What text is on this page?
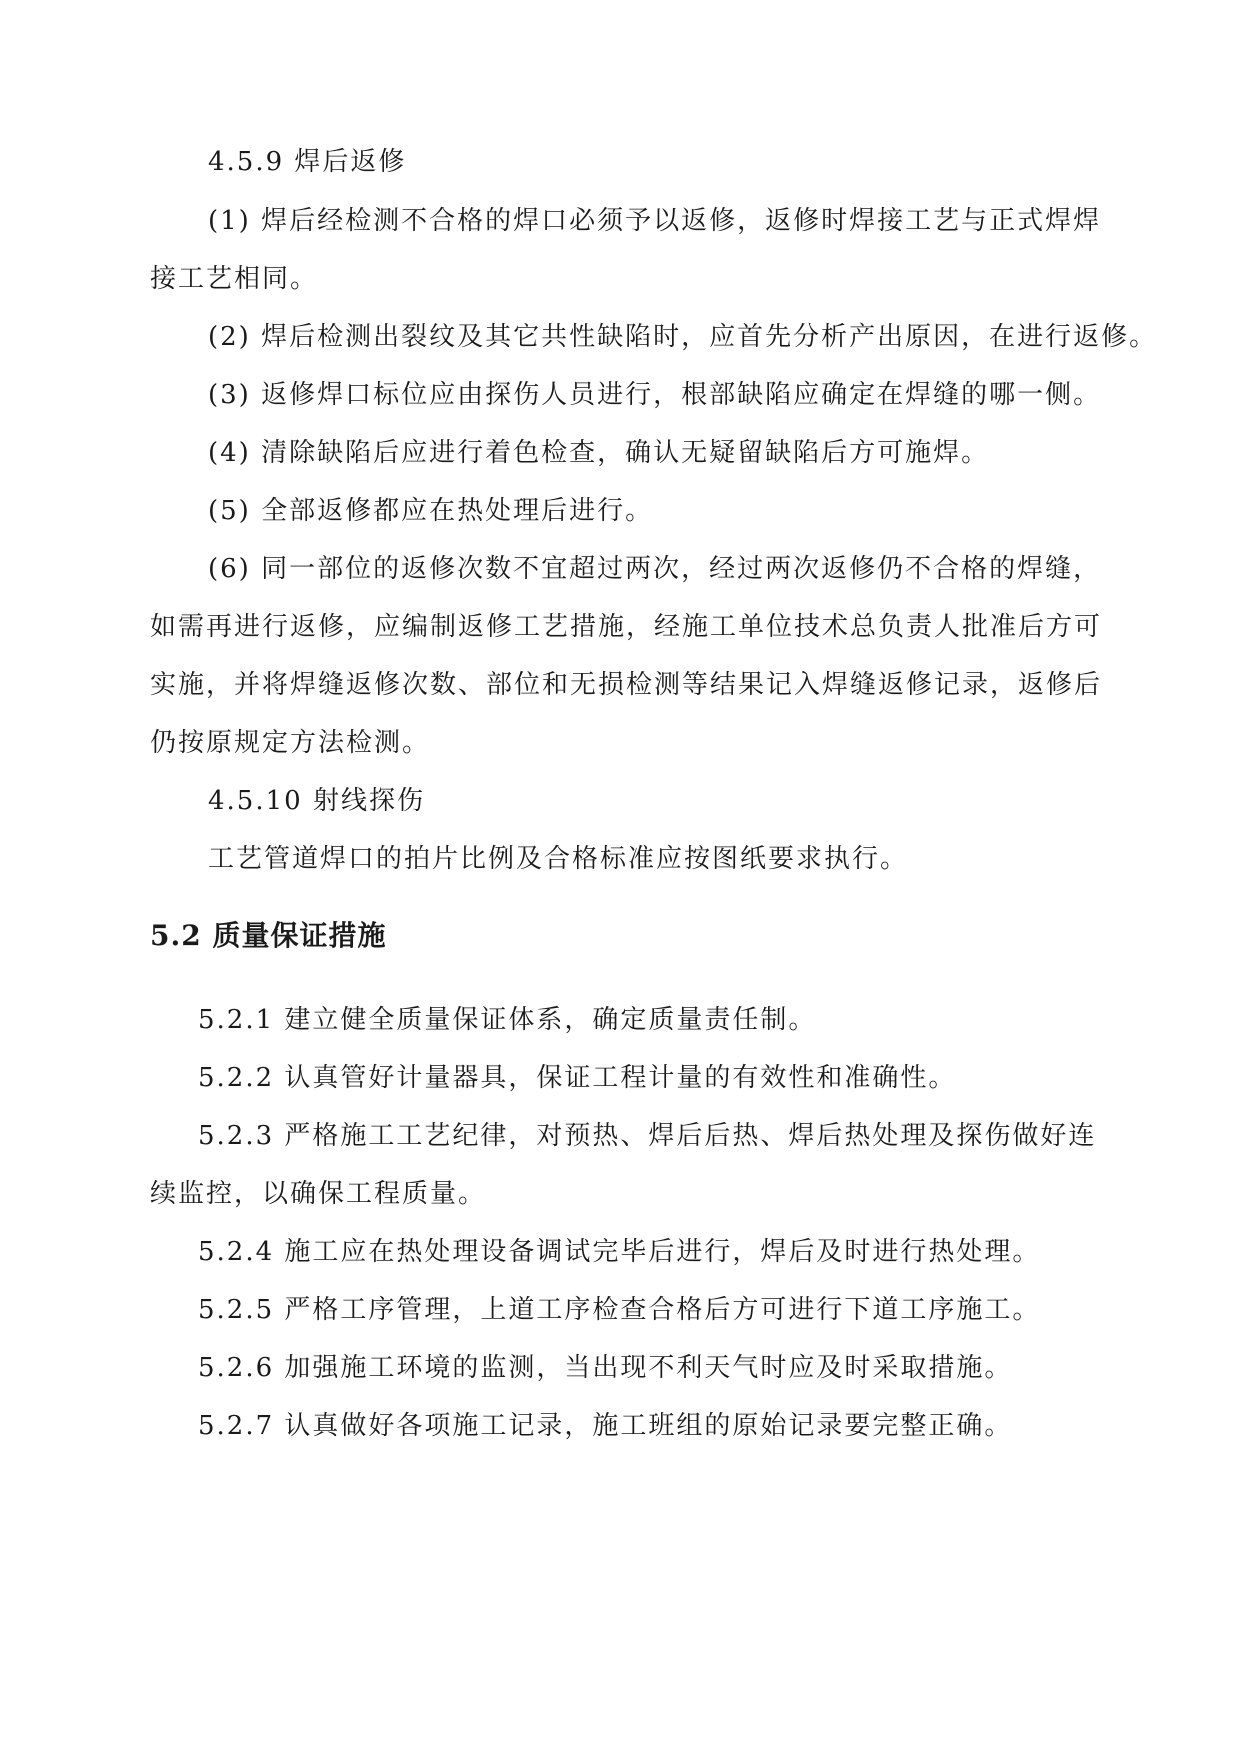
4.5.9 焊后返修
(1) 焊后经检测不合格的焊口必须予以返修，返修时焊接工艺与正式焊焊
接工艺相同。
(2) 焊后检测出裂纹及其它共性缺陷时，应首先分析产出原因，在进行返修。
(3) 返修焊口标位应由探伤人员进行，根部缺陷应确定在焊缝的哪一侧。
(4) 清除缺陷后应进行着色检查，确认无疑留缺陷后方可施焊。
(5) 全部返修都应在热处理后进行。
(6) 同一部位的返修次数不宜超过两次，经过两次返修仍不合格的焊缝，
如需再进行返修，应编制返修工艺措施，经施工单位技术总负责人批准后方可
实施，并将焊缝返修次数、部位和无损检测等结果记入焊缝返修记录，返修后
仍按原规定方法检测。
4.5.10 射线探伤
工艺管道焊口的拍片比例及合格标准应按图纸要求执行。
5.2 质量保证措施
5.2.1 建立健全质量保证体系，确定质量责任制。
5.2.2 认真管好计量器具，保证工程计量的有效性和准确性。
5.2.3 严格施工工艺纪律，对预热、焊后后热、焊后热处理及探伤做好连
续监控，以确保工程质量。
5.2.4 施工应在热处理设备调试完毕后进行，焊后及时进行热处理。
5.2.5 严格工序管理，上道工序检查合格后方可进行下道工序施工。
5.2.6 加强施工环境的监测，当出现不利天气时应及时采取措施。
5.2.7 认真做好各项施工记录，施工班组的原始记录要完整正确。
